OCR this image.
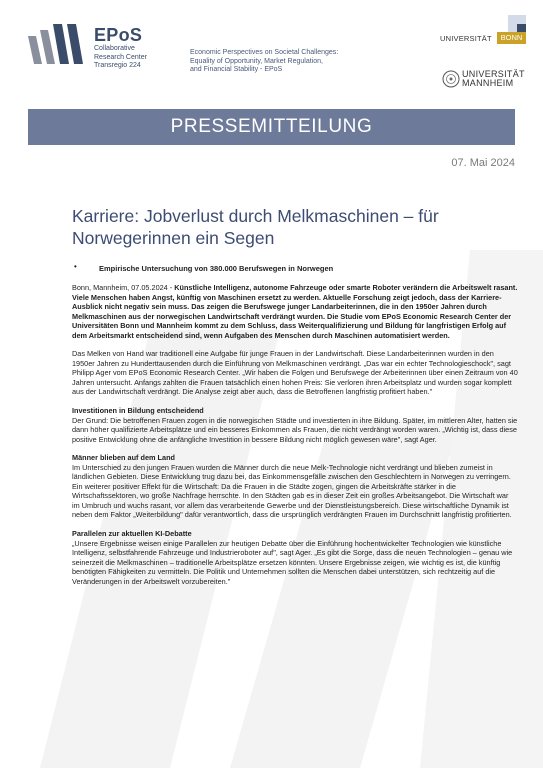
EPoS
Collaborative
Research Center
Transregio 224
Economic Perspectives on Societal Challenges:
Equality of Opportunity, Market Regulation,
and Financial Stability - EPoS
UNIVERSITÄT	BONN
UNIVERSITÄT
MANNHEIM
PRESSEMITTEILUNG
07. Mai 2024
Karriere: Jobverlust durch Melkmaschinen – für Norwegerinnen ein Segen
•	Empirische Untersuchung von 380.000 Berufswegen in Norwegen

Bonn, Mannheim, 07.05.2024 - Künstliche Intelligenz, autonome Fahrzeuge oder smarte Roboter verändern die Arbeitswelt rasant. Viele Menschen haben Angst, künftig von Maschinen ersetzt zu werden. Aktuelle Forschung zeigt jedoch, dass der Karriere-Ausblick nicht negativ sein muss. Das zeigen die Berufswege junger Landarbeiterinnen, die in den 1950er Jahren durch Melkmaschinen aus der norwegischen Landwirtschaft verdrängt wurden. Die Studie vom EPoS Economic Research Center der Universitäten Bonn und Mannheim kommt zu dem Schluss, dass Weiterqualifizierung und Bildung für langfristigen Erfolg auf dem Arbeitsmarkt entscheidend sind, wenn Aufgaben des Menschen durch Maschinen automatisiert werden.

Das Melken von Hand war traditionell eine Aufgabe für junge Frauen in der Landwirtschaft. Diese Landarbeiterinnen wurden in den 1950er Jahren zu Hunderttausenden durch die Einführung von Melkmaschinen verdrängt. „Das war ein echter Technologieschock", sagt Philipp Ager vom EPoS Economic Research Center. „Wir haben die Folgen und Berufswege der Arbeiterinnen über einen Zeitraum von 40 Jahren untersucht. Anfangs zahlten die Frauen tatsächlich einen hohen Preis: Sie verloren ihren Arbeitsplatz und wurden sogar komplett aus der Landwirtschaft verdrängt. Die Analyse zeigt aber auch, dass die Betroffenen langfristig profitiert haben."

Investitionen in Bildung entscheidend

Der Grund: Die betroffenen Frauen zogen in die norwegischen Städte und investierten in ihre Bildung. Später, im mittleren Alter, hatten sie dann höher qualifizierte Arbeitsplätze und ein besseres Einkommen als Frauen, die nicht verdrängt worden waren. „Wichtig ist, dass diese positive Entwicklung ohne die anfängliche Investition in bessere Bildung nicht möglich gewesen wäre", sagt Ager.

Männer blieben auf dem Land

Im Unterschied zu den jungen Frauen wurden die Männer durch die neue Melk-Technologie nicht verdrängt und blieben zumeist in ländlichen Gebieten. Diese Entwicklung trug dazu bei, das Einkommensgefälle zwischen den Geschlechtern in Norwegen zu verringern. Ein weiterer positiver Effekt für die Wirtschaft: Da die Frauen in die Städte zogen, gingen die Arbeitskräfte stärker in die Wirtschaftssektoren, wo große Nachfrage herrschte. In den Städten gab es in dieser Zeit ein großes Arbeitsangebot. Die Wirtschaft war im Umbruch und wuchs rasant, vor allem das verarbeitende Gewerbe und der Dienstleistungsbereich. Diese wirtschaftliche Dynamik ist neben dem Faktor „Weiterbildung" dafür verantwortlich, dass die ursprünglich verdrängten Frauen im Durchschnitt langfristig profitierten.

Parallelen zur aktuellen KI-Debatte

„Unsere Ergebnisse weisen einige Parallelen zur heutigen Debatte über die Einführung hochentwickelter Technologien wie künstliche Intelligenz, selbstfahrende Fahrzeuge und Industrieroboter auf", sagt Ager. „Es gibt die Sorge, dass die neuen Technologien – genau wie seinerzeit die Melkmaschinen – traditionelle Arbeitsplätze ersetzen könnten. Unsere Ergebnisse zeigen, wie wichtig es ist, die künftig benötigten Fähigkeiten zu vermitteln. Die Politik und Unternehmen sollten die Menschen dabei unterstützen, sich rechtzeitig auf die Veränderungen in der Arbeitswelt vorzubereiten."
